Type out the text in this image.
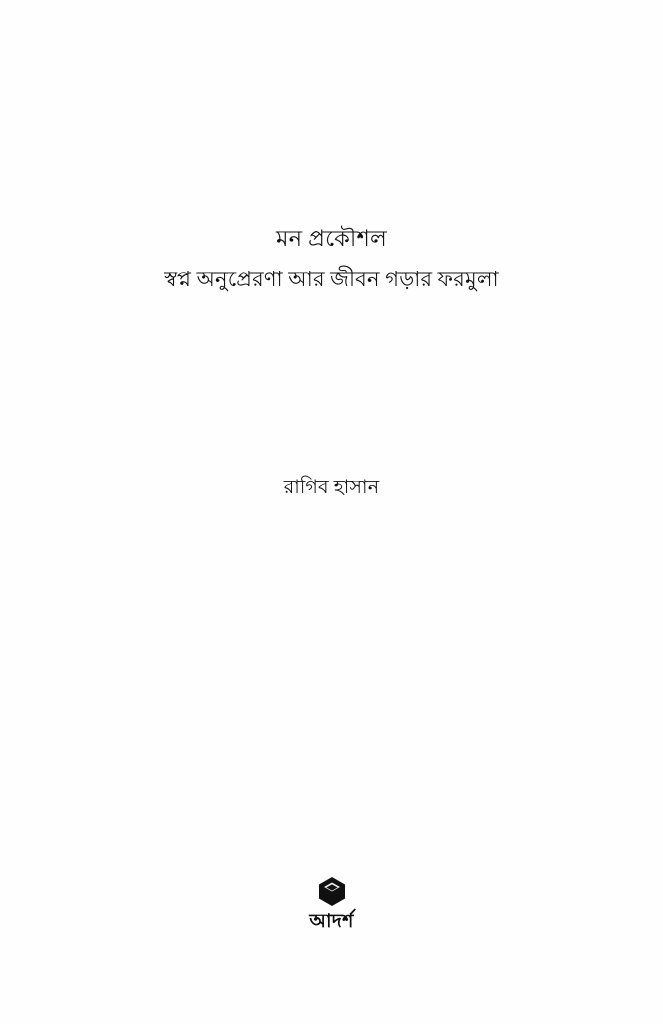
মন প্রকৌশল
স্বপ্ন অনুপ্রেরণা আর জীবন গড়ার ফরমুলা
রাগিব হাসান
আদর্শ
